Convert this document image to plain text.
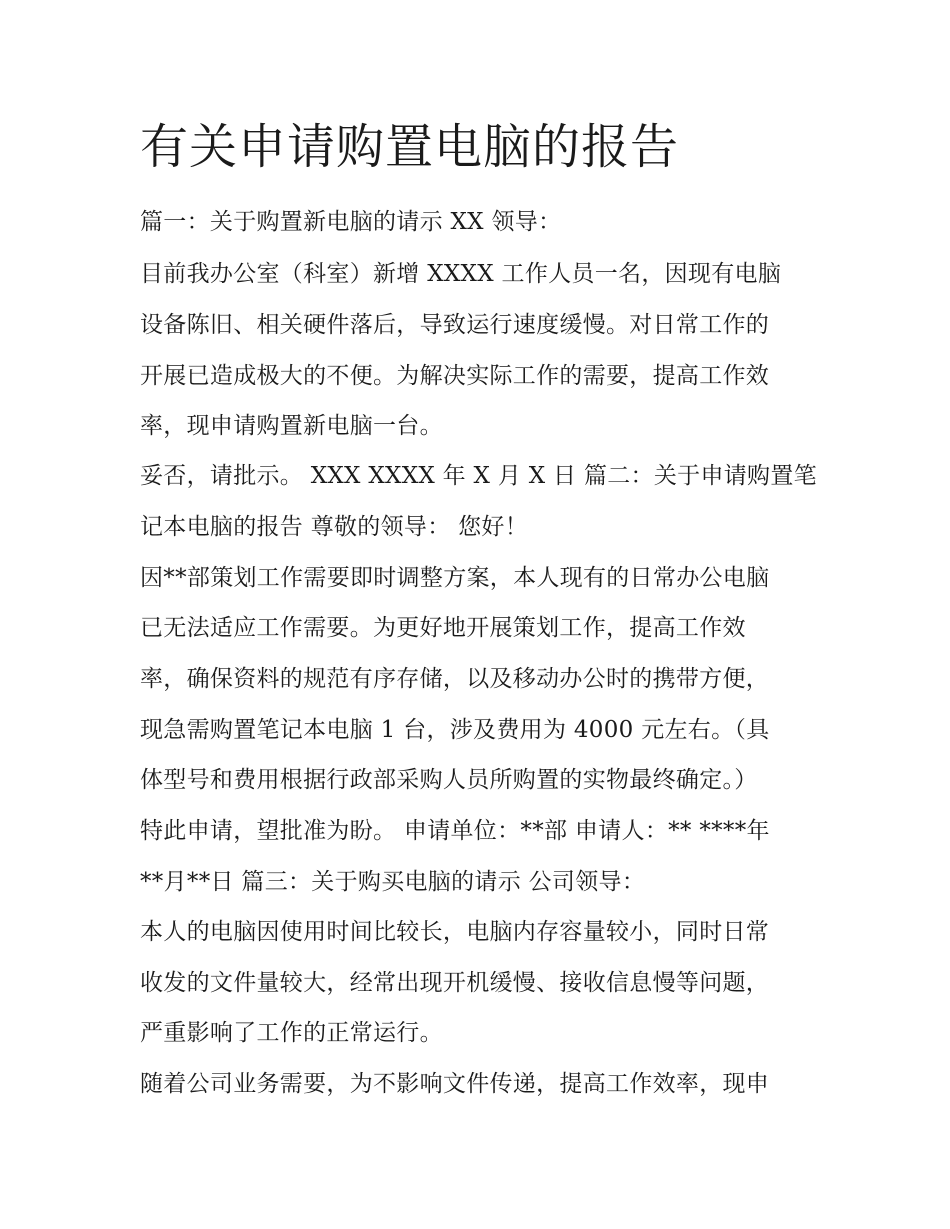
有关申请购置电脑的报告

篇一：关于购置新电脑的请示 XX 领导：

目前我办公室（科室）新增 XXXX 工作人员一名，因现有电脑

设备陈旧、相关硬件落后，导致运行速度缓慢。对日常工作的

开展已造成极大的不便。为解决实际工作的需要，提高工作效

率，现申请购置新电脑一台。

妥否，请批示。 XXX XXXX 年 X 月 X 日 篇二：关于申请购置笔

记本电脑的报告 尊敬的领导： 您好！

因**部策划工作需要即时调整方案，本人现有的日常办公电脑

已无法适应工作需要。为更好地开展策划工作，提高工作效

率，确保资料的规范有序存储，以及移动办公时的携带方便，

现急需购置笔记本电脑 1 台，涉及费用为 4000 元左右。（具

体型号和费用根据行政部采购人员所购置的实物最终确定。）

特此申请，望批准为盼。 申请单位：**部 申请人：** ****年

**月**日 篇三：关于购买电脑的请示 公司领导：

本人的电脑因使用时间比较长，电脑内存容量较小，同时日常

收发的文件量较大，经常出现开机缓慢、接收信息慢等问题，

严重影响了工作的正常运行。

随着公司业务需要，为不影响文件传递，提高工作效率，现申
